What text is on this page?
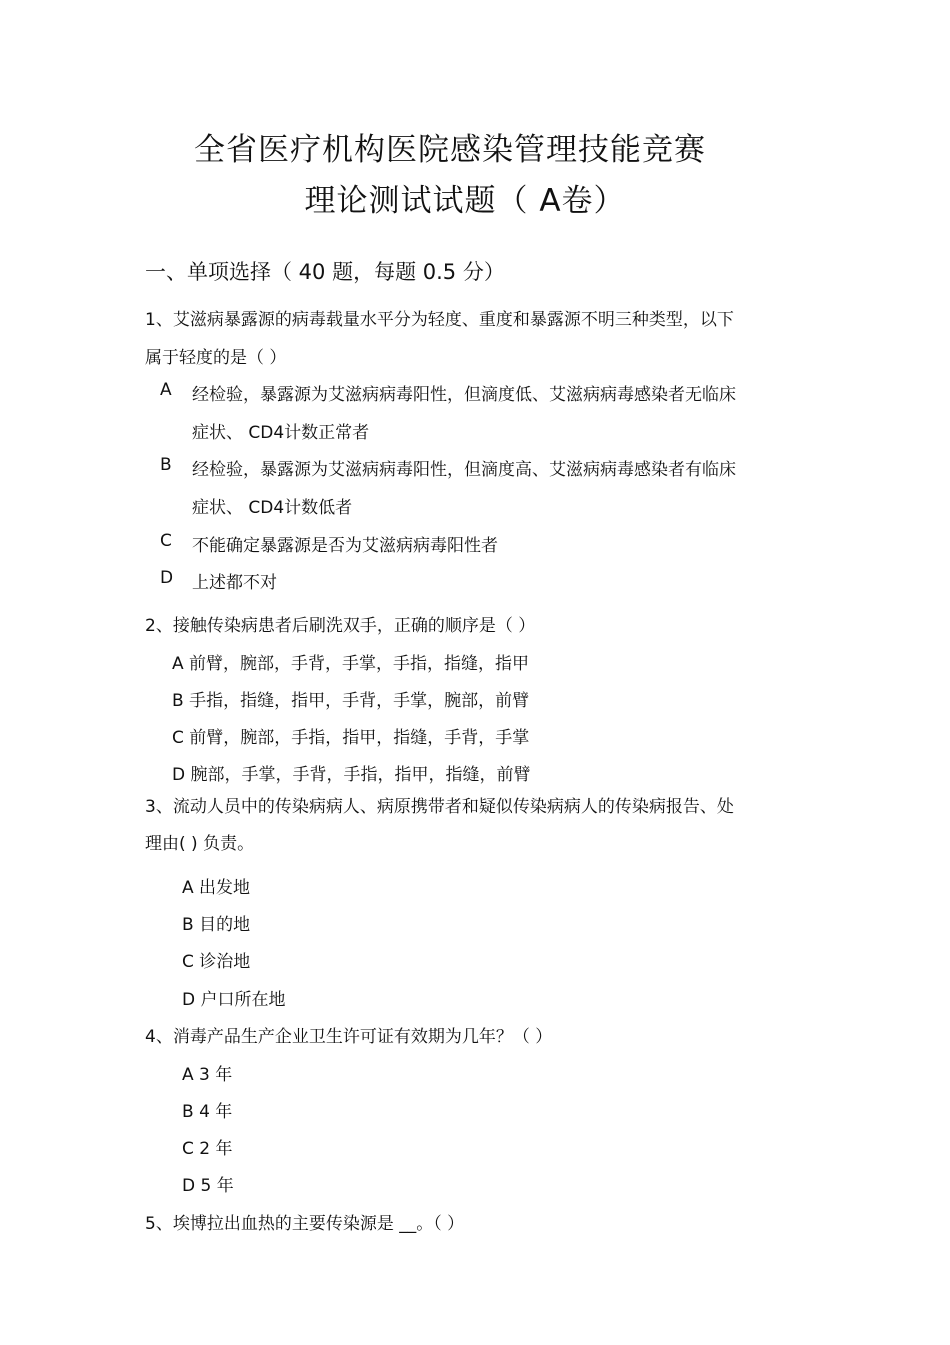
全省医疗机构医院感染管理技能竞赛
理论测试试题（ A卷）
一、单项选择（ 40 题，每题 0.5 分）
1、艾滋病暴露源的病毒载量水平分为轻度、重度和暴露源不明三种类型，以下
属于轻度的是（ ）
A 经检验，暴露源为艾滋病病毒阳性，但滴度低、艾滋病病毒感染者无临床
症状、 CD4计数正常者
B 经检验，暴露源为艾滋病病毒阳性，但滴度高、艾滋病病毒感染者有临床
症状、 CD4计数低者
C 不能确定暴露源是否为艾滋病病毒阳性者
D 上述都不对
2、接触传染病患者后刷洗双手，正确的顺序是（ ）
A 前臂，腕部，手背，手掌，手指，指缝，指甲
B 手指，指缝，指甲，手背，手掌，腕部，前臂
C 前臂，腕部，手指，指甲，指缝，手背，手掌
D 腕部，手掌，手背，手指，指甲，指缝，前臂
3、流动人员中的传染病病人、病原携带者和疑似传染病病人的传染病报告、处
理由( ) 负责。
A 出发地
B 目的地
C 诊治地
D 户口所在地
4、消毒产品生产企业卫生许可证有效期为几年？（ ）
A 3 年
B 4 年
C 2 年
D 5 年
5、埃博拉出血热的主要传染源是 __。（ ）
